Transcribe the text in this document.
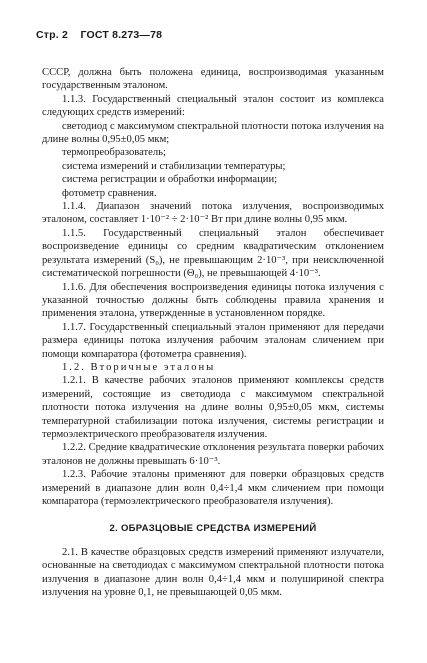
Стр. 2 ГОСТ 8.273—78

СССР, должна быть положена единица, воспроизводимая указанным государственным эталоном.

1.1.3. Государственный специальный эталон состоит из комплекса следующих средств измерений:

светодиод с максимумом спектральной плотности потока излучения на длине волны 0,95±0,05 мкм;

термопреобразователь;

система измерений и стабилизации температуры;

система регистрации и обработки информации;

фотометр сравнения.

1.1.4. Диапазон значений потока излучения, воспроизводимых эталоном, составляет 1·10⁻² ÷ 2·10⁻² Вт при длине волны 0,95 мкм.

1.1.5. Государственный специальный эталон обеспечивает воспроизведение единицы со средним квадратическим отклонением результата измерений (S₀), не превышающим 2·10⁻³, при неисключенной систематической погрешности (Θ₀), не превышающей 4·10⁻³.

1.1.6. Для обеспечения воспроизведения единицы потока излучения с указанной точностью должны быть соблюдены правила хранения и применения эталона, утвержденные в установленном порядке.

1.1.7. Государственный специальный эталон применяют для передачи размера единицы потока излучения рабочим эталонам сличением при помощи компаратора (фотометра сравнения).

1.2. Вторичные эталоны

1.2.1. В качестве рабочих эталонов применяют комплексы средств измерений, состоящие из светодиода с максимумом спектральной плотности потока излучения на длине волны 0,95±0,05 мкм, системы температурной стабилизации потока излучения, системы регистрации и термоэлектрического преобразователя излучения.

1.2.2. Средние квадратические отклонения результата поверки рабочих эталонов не должны превышать 6·10⁻³.

1.2.3. Рабочие эталоны применяют для поверки образцовых средств измерений в диапазоне длин волн 0,4÷1,4 мкм сличением при помощи компаратора (термоэлектрического преобразователя излучения).

2. ОБРАЗЦОВЫЕ СРЕДСТВА ИЗМЕРЕНИЙ

2.1. В качестве образцовых средств измерений применяют излучатели, основанные на светодиодах с максимумом спектральной плотности потока излучения в диапазоне длин волн 0,4÷1,4 мкм и полушириной спектра излучения на уровне 0,1, не превышающей 0,05 мкм.
